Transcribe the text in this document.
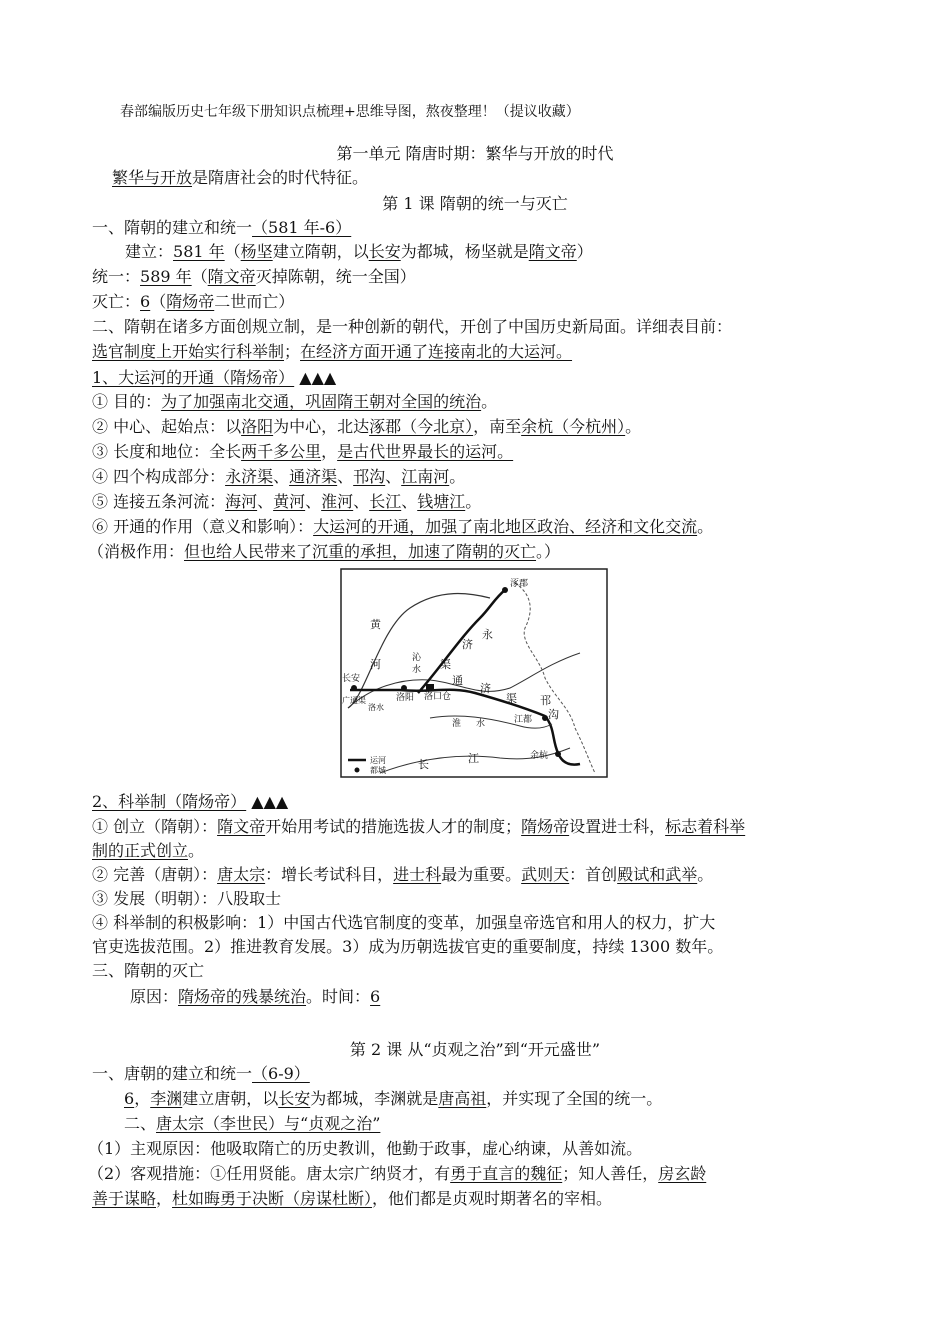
春部编版历史七年级下册知识点梳理+思维导图，熬夜整理！（提议收藏）
第一单元 隋唐时期：繁华与开放的时代
繁华与开放是隋唐社会的时代特征。
第 1 课 隋朝的统一与灭亡
一、隋朝的建立和统一（581 年-6）
建立：581 年（杨坚建立隋朝，以长安为都城，杨坚就是隋文帝）
统一：589 年（隋文帝灭掉陈朝，统一全国）
灭亡：6（隋炀帝二世而亡）
二、隋朝在诸多方面创规立制，是一种创新的朝代，开创了中国历史新局面。详细表目前：
选官制度上开始实行科举制；在经济方面开通了连接南北的大运河。
1、大运河的开通（隋炀帝） ▲▲▲
① 目的：为了加强南北交通，巩固隋王朝对全国的统治。
② 中心、起始点：以洛阳为中心，北达涿郡（今北京），南至余杭（今杭州）。
③ 长度和地位：全长两千多公里，是古代世界最长的运河。
④ 四个构成部分：永济渠、通济渠、邗沟、江南河。
⑤ 连接五条河流：海河、黄河、淮河、长江、钱塘江。
⑥ 开通的作用（意义和影响）：大运河的开通，加强了南北地区政治、经济和文化交流。
（消极作用：但也给人民带来了沉重的承担，加速了隋朝的灭亡。）
涿郡
黄
河
永
济
沁 渠
水
长安
洛阳 洛口仓
广通渠
洛水
通
济
渠
淮 水	江都
邗
沟
长	江	余杭
运河
都城
2、科举制（隋炀帝） ▲▲▲
① 创立（隋朝）：隋文帝开始用考试的措施选拔人才的制度；隋炀帝设置进士科，标志着科举
制的正式创立。
② 完善（唐朝）：唐太宗：增长考试科目，进士科最为重要。武则天：首创殿试和武举。
③ 发展（明朝）：八股取士
④ 科举制的积极影响：1）中国古代选官制度的变革，加强皇帝选官和用人的权力，扩大
官吏选拔范围。2）推进教育发展。3）成为历朝选拔官吏的重要制度，持续 1300 数年。
三、隋朝的灭亡
原因：隋炀帝的残暴统治。时间：6
第 2 课 从“贞观之治”到“开元盛世”
一、唐朝的建立和统一（6-9）
6，李渊建立唐朝，以长安为都城，李渊就是唐高祖，并实现了全国的统一。
二、唐太宗（李世民）与“贞观之治”
（1）主观原因：他吸取隋亡的历史教训，他勤于政事，虚心纳谏，从善如流。
（2）客观措施：①任用贤能。唐太宗广纳贤才，有勇于直言的魏征；知人善任，房玄龄
善于谋略，杜如晦勇于决断（房谋杜断），他们都是贞观时期著名的宰相。
